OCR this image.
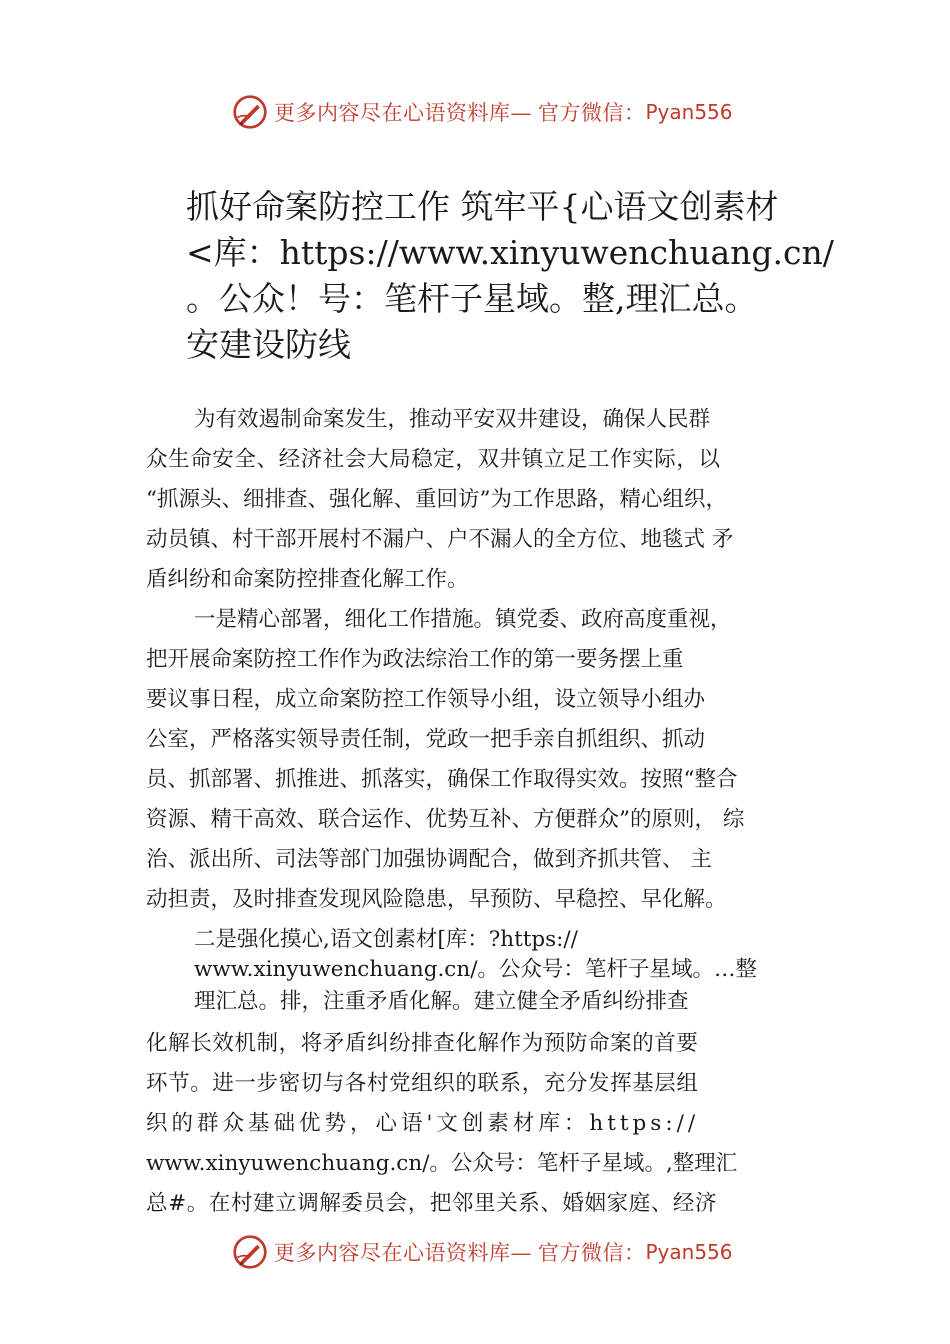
更多内容尽在心语资料库— 官方微信： Pyan556
抓好命案防控工作 筑牢平{心语文创素材
<库：https://www.xinyuwenchuang.cn/
。公众！号：笔杆子星域。整,理汇总。
安建设防线
为有效遏制命案发生，推动平安双井建设，确保人民群
众生命安全、经济社会大局稳定，双井镇立足工作实际，以
“抓源头、细排查、强化解、重回访”为工作思路，精心组织，
动员镇、村干部开展村不漏户、户不漏人的全方位、地毯式 矛
盾纠纷和命案防控排查化解工作。
一是精心部署，细化工作措施。镇党委、政府高度重视，
把开展命案防控工作作为政法综治工作的第一要务摆上重
要议事日程，成立命案防控工作领导小组，设立领导小组办
公室，严格落实领导责任制，党政一把手亲自抓组织、抓动
员、抓部署、抓推进、抓落实，确保工作取得实效。按照“整合
资源、精干高效、联合运作、优势互补、方便群众”的原则， 综
治、派出所、司法等部门加强协调配合，做到齐抓共管、 主
动担责，及时排查发现风险隐患，早预防、早稳控、早化解。
二是强化摸心,语文创素材[库：?https://
www.xinyuwenchuang.cn/。公众号：笔杆子星域。…整
理汇总。排，注重矛盾化解。建立健全矛盾纠纷排查
化解长效机制，将矛盾纠纷排查化解作为预防命案的首要
环节。进一步密切与各村党组织的联系，充分发挥基层组
织的群众基础优势，心语'文创素材库：https://
www.xinyuwenchuang.cn/。公众号：笔杆子星域。,整理汇
总#。在村建立调解委员会，把邻里关系、婚姻家庭、经济
更多内容尽在心语资料库— 官方微信： Pyan556
